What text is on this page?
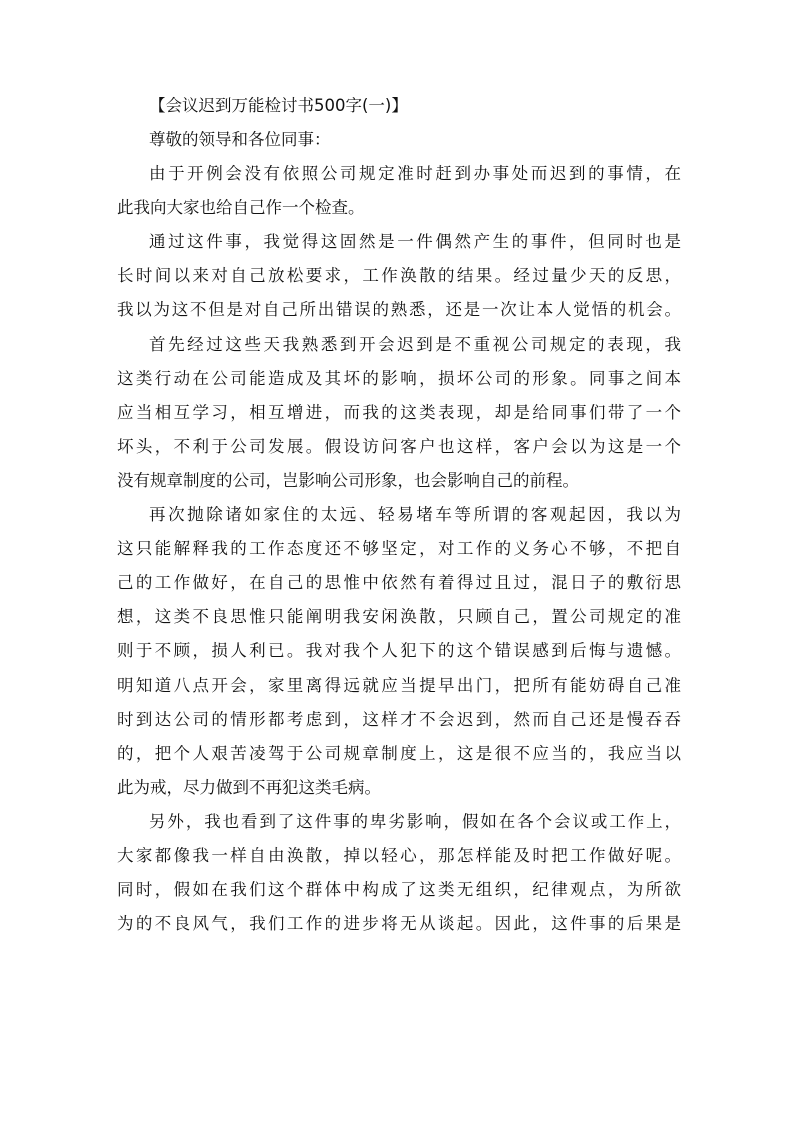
【会议迟到万能检讨书500字(一)】

尊敬的领导和各位同事：

由于开例会没有依照公司规定准时赶到办事处而迟到的事情，在

此我向大家也给自己作一个检查。

通过这件事，我觉得这固然是一件偶然产生的事件，但同时也是

长时间以来对自己放松要求，工作涣散的结果。经过量少天的反思，

我以为这不但是对自己所出错误的熟悉，还是一次让本人觉悟的机会。

首先经过这些天我熟悉到开会迟到是不重视公司规定的表现，我

这类行动在公司能造成及其坏的影响，损坏公司的形象。同事之间本

应当相互学习，相互增进，而我的这类表现，却是给同事们带了一个

坏头，不利于公司发展。假设访问客户也这样，客户会以为这是一个

没有规章制度的公司，岂影响公司形象，也会影响自己的前程。

再次抛除诸如家住的太远、轻易堵车等所谓的客观起因，我以为

这只能解释我的工作态度还不够坚定，对工作的义务心不够，不把自

己的工作做好，在自己的思惟中依然有着得过且过，混日子的敷衍思

想，这类不良思惟只能阐明我安闲涣散，只顾自己，置公司规定的准

则于不顾，损人利已。我对我个人犯下的这个错误感到后悔与遗憾。

明知道八点开会，家里离得远就应当提早出门，把所有能妨碍自己准

时到达公司的情形都考虑到，这样才不会迟到，然而自己还是慢吞吞

的，把个人艰苦凌驾于公司规章制度上，这是很不应当的，我应当以

此为戒，尽力做到不再犯这类毛病。

另外，我也看到了这件事的卑劣影响，假如在各个会议或工作上，

大家都像我一样自由涣散，掉以轻心，那怎样能及时把工作做好呢。

同时，假如在我们这个群体中构成了这类无组织，纪律观点，为所欲

为的不良风气，我们工作的进步将无从谈起。因此，这件事的后果是
